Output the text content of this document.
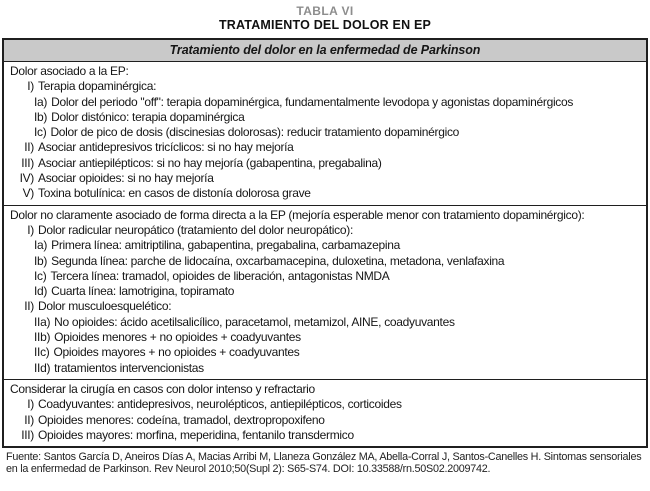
TABLA VI
TRATAMIENTO DEL DOLOR EN EP
Tratamiento del dolor en la enfermedad de Parkinson
Dolor asociado a la EP:
I) Terapia dopaminérgica:
Ia) Dolor del periodo "off": terapia dopaminérgica, fundamentalmente levodopa y agonistas dopaminérgicos
Ib) Dolor distónico: terapia dopaminérgica
Ic) Dolor de pico de dosis (discinesias dolorosas): reducir tratamiento dopaminérgico
II) Asociar antidepresivos tricíclicos: si no hay mejoría
III) Asociar antiepilépticos: si no hay mejoría (gabapentina, pregabalina)
IV) Asociar opioides: si no hay mejoría
V) Toxina botulínica: en casos de distonía dolorosa grave
Dolor no claramente asociado de forma directa a la EP (mejoría esperable menor con tratamiento dopaminérgico):
I) Dolor radicular neuropático (tratamiento del dolor neuropático):
Ia) Primera línea: amitriptilina, gabapentina, pregabalina, carbamazepina
Ib) Segunda línea: parche de lidocaína, oxcarbamacepina, duloxetina, metadona, venlafaxina
Ic) Tercera línea: tramadol, opioides de liberación, antagonistas NMDA
Id) Cuarta línea: lamotrigina, topiramato
II) Dolor musculoesquelético:
IIa) No opioides: ácido acetilsalicílico, paracetamol, metamizol, AINE, coadyuvantes
IIb) Opioides menores + no opioides + coadyuvantes
IIc) Opioides mayores + no opioides + coadyuvantes
IId) tratamientos intervencionistas
Considerar la cirugía en casos con dolor intenso y refractario
I) Coadyuvantes: antidepresivos, neurolépticos, antiepilépticos, corticoides
II) Opioides menores: codeína, tramadol, dextropropoxifeno
III) Opioides mayores: morfina, meperidina, fentanilo transdermico
Fuente: Santos García D, Aneiros Días A, Macias Arribi M, Llaneza González MA, Abella-Corral J, Santos-Canelles H. Sintomas sensoriales en la enfermedad de Parkinson. Rev Neurol 2010;50(Supl 2): S65-S74. DOI: 10.33588/rn.50S02.2009742.
